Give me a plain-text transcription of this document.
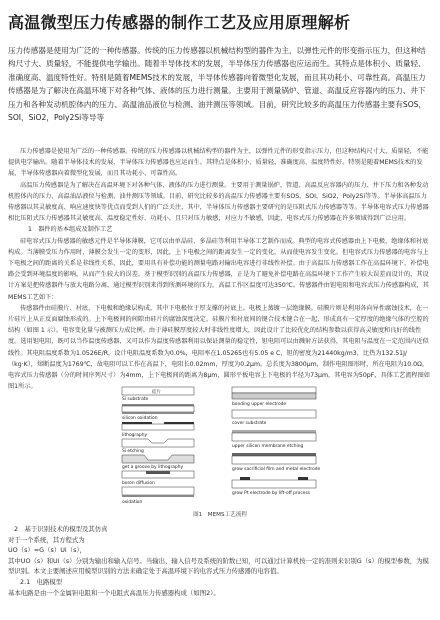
高温微型压力传感器的制作工艺及应用原理解析
压力传感器是使用为广泛的一种传感器。传统的压力传感器以机械结构型的器件为主，以弹性元件的形变指示压力，但这种结构尺寸大、质量轻，不能提供电学输出。随着半导体技术的发展，半导体压力传感器也应运而生。其特点是体积小、质量轻、准确度高、温度特性好。特别是随着MEMS技术的发展，半导体传感器向着微型化发展，而且其功耗小、可靠性高。高温压力传感器是为了解决在高温环境下对各种气体、液体的压力进行测量。主要用于测量锅炉、管道、高温反应容器内的压力、井下压力和各种发动机腔体内的压力、高温油品液位与检测、油井测压等领域。目前，研究比较多的高温压力传感器主要有SOS，SOI，SiO2，Poly2Si等导等

压力传感器是使用为广泛的一种传感器。传统的压力传感器以机械结构型的器件为主，以弹性元件的形变指示压力，但这种结构尺寸大、质量轻，不能提供电学输出。随着半导体技术的发展，半导体压力传感器也应运而生。其特点是体积小、质量轻、准确度高、温度特性好。特别是随着MEMS技术的发展，半导体传感器向着微型化发展，而且其功耗小、可靠性高。

高温压力传感器是为了解决在高温环境下对各种气体、液体的压力进行测量。主要用于测量锅炉、管道、高温反应容器内的压力、井下压力和各种发动机腔体内的压力、高温油品液位与检测、油井测压等领域。目前，研究比较多的高温压力传感器主要有SOS，SOI，SiO2，Poly2Si等等。半导体高温压力传感器以其灵敏度高、响应速度快等优点而受到人们的广泛关注，其中，半导体压力传感器主要研究的是压阻式压力传感器等等。半导体电容式压力传感器相比压阻式压力传感器其灵敏度高、温度稳定性好、功耗小，且只对压力敏感，对应力不敏感，因此，电容式压力传感器在许多领域得到广泛应用。

1　器件的基本组成及制作工艺

硅电容式压力传感器的敏感元件是半导体薄膜，它可以由单晶硅、多晶硅等利用半导体工艺制作而成。典型的电容式传感器由上下电极、绝缘体和衬底构成。当薄膜受压力作用时，薄膜会发生一定的变形，因此，上下电极之间的距离发生一定的变化，从而使电容发生变化。但电容式压力传感器的电容与上下电极之间的距离的关系是非线性关系，因此，要用具有补偿功能的测量电路对输出电容进行非线性补偿。由于高温压力传感器工作在高温环境下，补偿电路会受到环境温度的影响，从而产生较大的误差。基于模型识别的高温压力传感器，正是为了避免补偿电路在高温环境下工作产生较大误差而设计的，其设计方案是把传感器件与放大电路分离，通过模型识别来得到所测环境的压力。高温工作区温度可达350℃。传感器件由钽电阻和电容式压力传感器构成，其MEMS工艺如下：

传感器件由硅膜片、衬底、下电极和绝缘层构成。其中下电极位于厚支撑的衬底上。电极上蒸镀一层绝缘膜。硅膜片则是利用各向异性腐蚀技术，在一片硅片上从正反面腐蚀形成的。上下电极间的间隙由硅片的腐蚀深度决定。硅膜片和衬底间的键合技术键合在一起，形成真有一定厚度的绝缘气体的空腔的结构（如图 1 示）。电容变化量与被测压力成比例。由于薄硅膜厚度较大时非线性度增大，因此设计了比较优化的结构参数以获得高灵敏度和良好的线性度。选用钽电阻，既可以当作温度传感器，又可以作为温度传感器利用以保证测量的稳定性，钽电阻可以由溅射方法获得，其电阻与温度在一定范围内近似线性。其电阻温度系数为1.0526E/R，设计电阻温度系数为0.0%，电阻率在1.05265也有5.05 e C，钽的密度为21440kg/m3，比热为132.51J/（kg·K），熔断温度为1769℃，故电阻可以工作在高温下，电阻长0.02mm，厚度为0.2μm。总长度为3800μm，制作电阻图形时，所在电阻为10.0Ω。电容式压力传感器（分的时间序列尺寸）为4mm，上下电极间的距离为8μm，圆形平板电容上下电极的半径为73μm，其电容为50pF，具体工艺流程图如图1所示。

硅片
Si substrate
silicon oxidation
lithography
Si etching
get a groove by lithography
boron diffusion
oxidation
bonding upper electrode
cover substrate
upper silicon membrane etching
grow sacrificial film and metal electrode
grow Pt electrode by lift-off process
图1　MEMS工艺流程

2　基于识别技术的模型及其仿真

对于一个系统，其方程式为

UO（s）=G（s）Ui（s），

其中UO（s）和Ui（s）分别为输出和输入信号。当输出、输入信号及系统的阶数已知，可以通过计算机按一定的准则来识别G（s）的模型参数，为模型识别。本文主要阐述应用模型识别的方法来确定处于高温环境下的电容式压力传感器的电容值。

2.1　电路模型

基本电路是由一个金属钽电阻和一个电阻式高温压力传感器构成（如图2）。
